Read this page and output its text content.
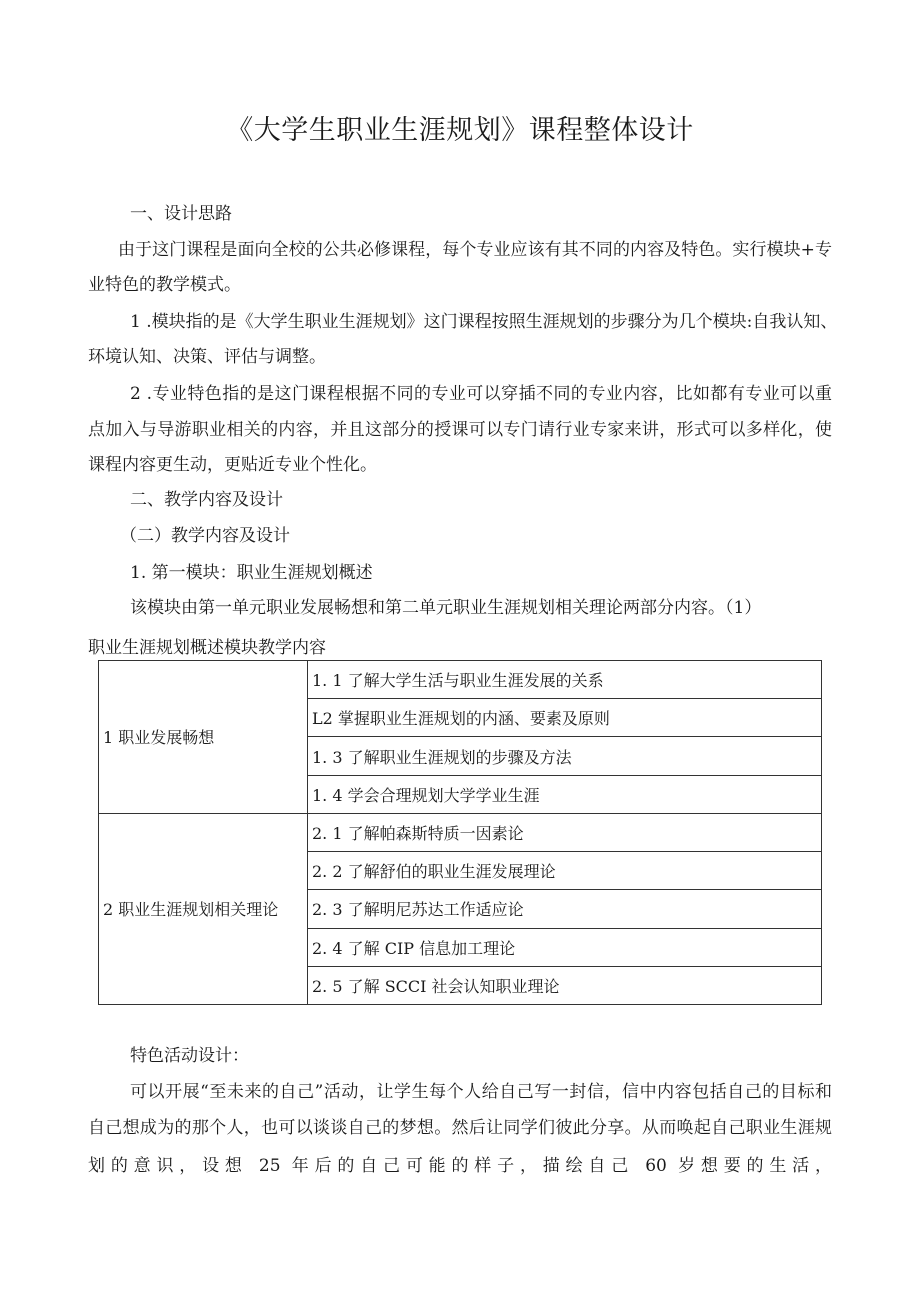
《大学生职业生涯规划》课程整体设计
一、设计思路
由于这门课程是面向全校的公共必修课程，每个专业应该有其不同的内容及特色。实行模块+专
业特色的教学模式。
1 .模块指的是《大学生职业生涯规划》这门课程按照生涯规划的步骤分为几个模块:自我认知、
环境认知、决策、评估与调整。
2 .专业特色指的是这门课程根据不同的专业可以穿插不同的专业内容，比如都有专业可以重
点加入与导游职业相关的内容，并且这部分的授课可以专门请行业专家来讲，形式可以多样化，使
课程内容更生动，更贴近专业个性化。
二、教学内容及设计
（二）教学内容及设计
1. 第一模块：职业生涯规划概述
该模块由第一单元职业发展畅想和第二单元职业生涯规划相关理论两部分内容。（1）
职业生涯规划概述模块教学内容
1 职业发展畅想	1. 1 了解大学生活与职业生涯发展的关系
	L2 掌握职业生涯规划的内涵、要素及原则
	1. 3 了解职业生涯规划的步骤及方法
	1. 4 学会合理规划大学学业生涯
2 职业生涯规划相关理论	2. 1 了解帕森斯特质一因素论
	2. 2 了解舒伯的职业生涯发展理论
	2. 3 了解明尼苏达工作适应论
	2. 4 了解 CIP 信息加工理论
	2. 5 了解 SCCI 社会认知职业理论
特色活动设计：
可以开展“至未来的自己”活动，让学生每个人给自己写一封信，信中内容包括自己的目标和
自己想成为的那个人，也可以谈谈自己的梦想。然后让同学们彼此分享。从而唤起自己职业生涯规
划的意识，设想 25 年后的自己可能的样子，描绘自己 60 岁想要的生活，
